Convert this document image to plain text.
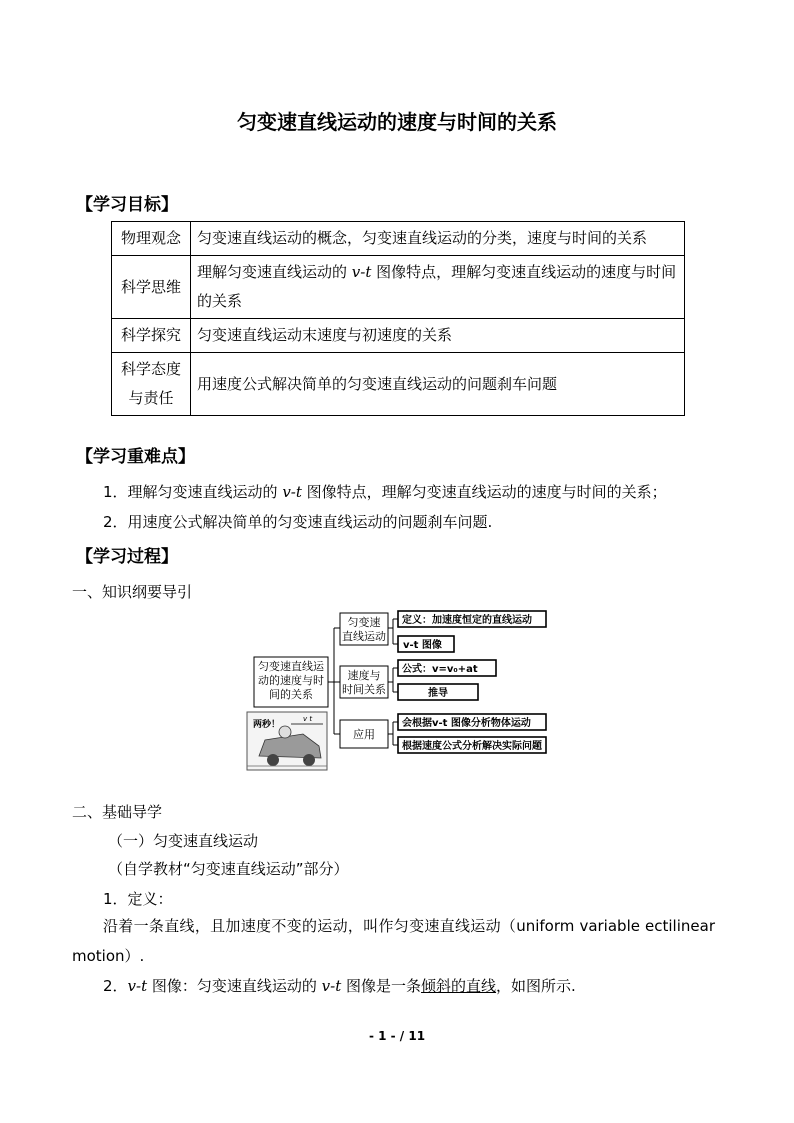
匀变速直线运动的速度与时间的关系
【学习目标】
物理观念	匀变速直线运动的概念，匀变速直线运动的分类，速度与时间的关系
科学思维	理解匀变速直线运动的 v-t 图像特点，理解匀变速直线运动的速度与时间的关系
科学探究	匀变速直线运动末速度与初速度的关系
科学态度与责任	用速度公式解决简单的匀变速直线运动的问题刹车问题
【学习重难点】
1．理解匀变速直线运动的 v-t 图像特点，理解匀变速直线运动的速度与时间的关系；
2．用速度公式解决简单的匀变速直线运动的问题刹车问题.
【学习过程】
一、知识纲要导引
匀变速直线运
动的速度与时
间的关系
两秒！
v t
匀变速
直线运动
速度与
时间关系
应用
定义：加速度恒定的直线运动
v-t 图像
公式：v=v₀+at
推导
会根据v-t 图像分析物体运动
根据速度公式分析解决实际问题
二、基础导学
（一）匀变速直线运动
（自学教材“匀变速直线运动”部分）
1．定义：
沿着一条直线，且加速度不变的运动，叫作匀变速直线运动（uniform variable ectilinear motion）.
2．v-t 图像：匀变速直线运动的 v-t 图像是一条倾斜的直线，如图所示.
- 1 - / 11
